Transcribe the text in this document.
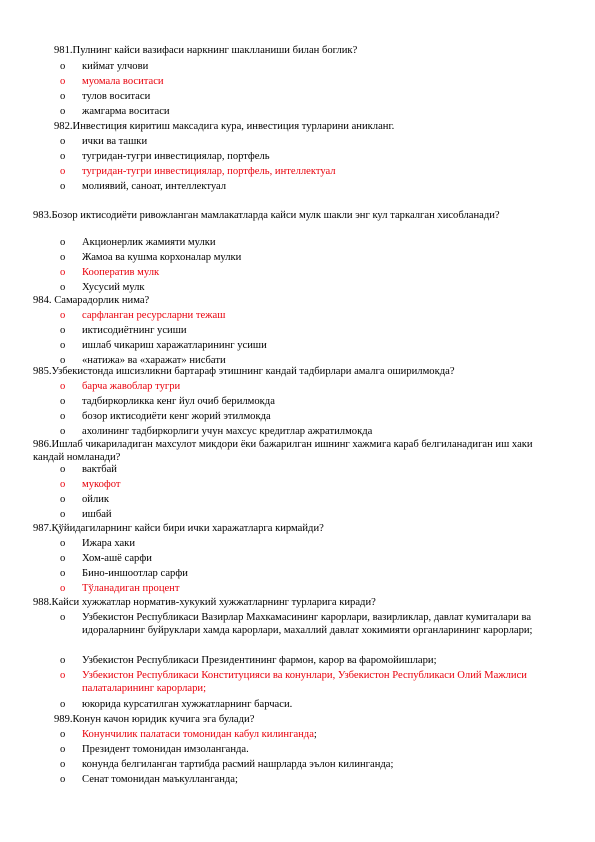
981.Пулнинг кайси вазифаси наркнинг шаклланиши билан боглик?
o киймат улчови
o муомала воситаси
o тулов воситаси
o жамгарма воситаси
982.Инвестиция киритиш максадига кура, инвестиция турларини аникланг.
o ички ва ташки
o тугридан-тугри инвестициялар, портфель
o тугридан-тугри инвестициялар, портфель, интеллектуал
o молиявий, саноат, интеллектуал
983.Бозор иктисодиёти ривожланган мамлакатларда кайси мулк шакли энг кул таркалган хисобланади?
o Акционерлик жамияти мулки
o Жамоа ва кушма корхоналар мулки
o Кооператив мулк
o Хусусий мулк
984. Самарадорлик нима?
o сарфланган ресурсларни тежаш
o иктисодиётнинг усиши
o ишлаб чикариш харажатларининг усиши
o «натижа» ва «харажат» нисбати
985.Узбекистонда ишсизликни бартараф этишнинг кандай тадбирлари амалга оширилмокда?
o барча жавоблар тугри
o тадбиркорликка кенг йул очиб берилмокда
o бозор иктисодиёти кенг жорий этилмокда
o ахолининг тадбиркорлиги учун махсус кредитлар ажратилмокда
986.Ишлаб чикариладиган махсулот микдори ёки бажарилган ишнинг хажмига караб белгиланадиган иш хаки кандай номланади?
o вактбай
o мукофот
o ойлик
o ишбай
987.Қўйидагиларнинг кайси бири ички харажатларга кирмайди?
o Ижара хаки
o Хом-ашё сарфи
o Бино-иншоотлар сарфи
o Тўланадиган процент
988.Кайси хужжатлар норматив-хукукий хужжатларнинг турларига киради?
o Узбекистон Республикаси Вазирлар Махкамасининг карорлари, вазирликлар, давлат кумиталари ва идораларнинг буйруклари хамда карорлари, махаллий давлат хокимияти органларининг карорлари;
o Узбекистон Республикаси Президентининг фармон, карор ва фаромойишлари;
o Узбекистон Республикаси Конституцияси ва конунлари, Узбекистон Республикаси Олий Мажлиси палаталарининг карорлари;
o юкорида курсатилган хужжатларнинг барчаси.
989.Конун качон юридик кучига эга булади?
o Конунчилик палатаси томонидан кабул килинганда;
o Президент томонидан имзоланганда.
o конунда белгиланган тартибда расмий нашрларда эълон килинганда;
o Сенат томонидан маъкулланганда;
